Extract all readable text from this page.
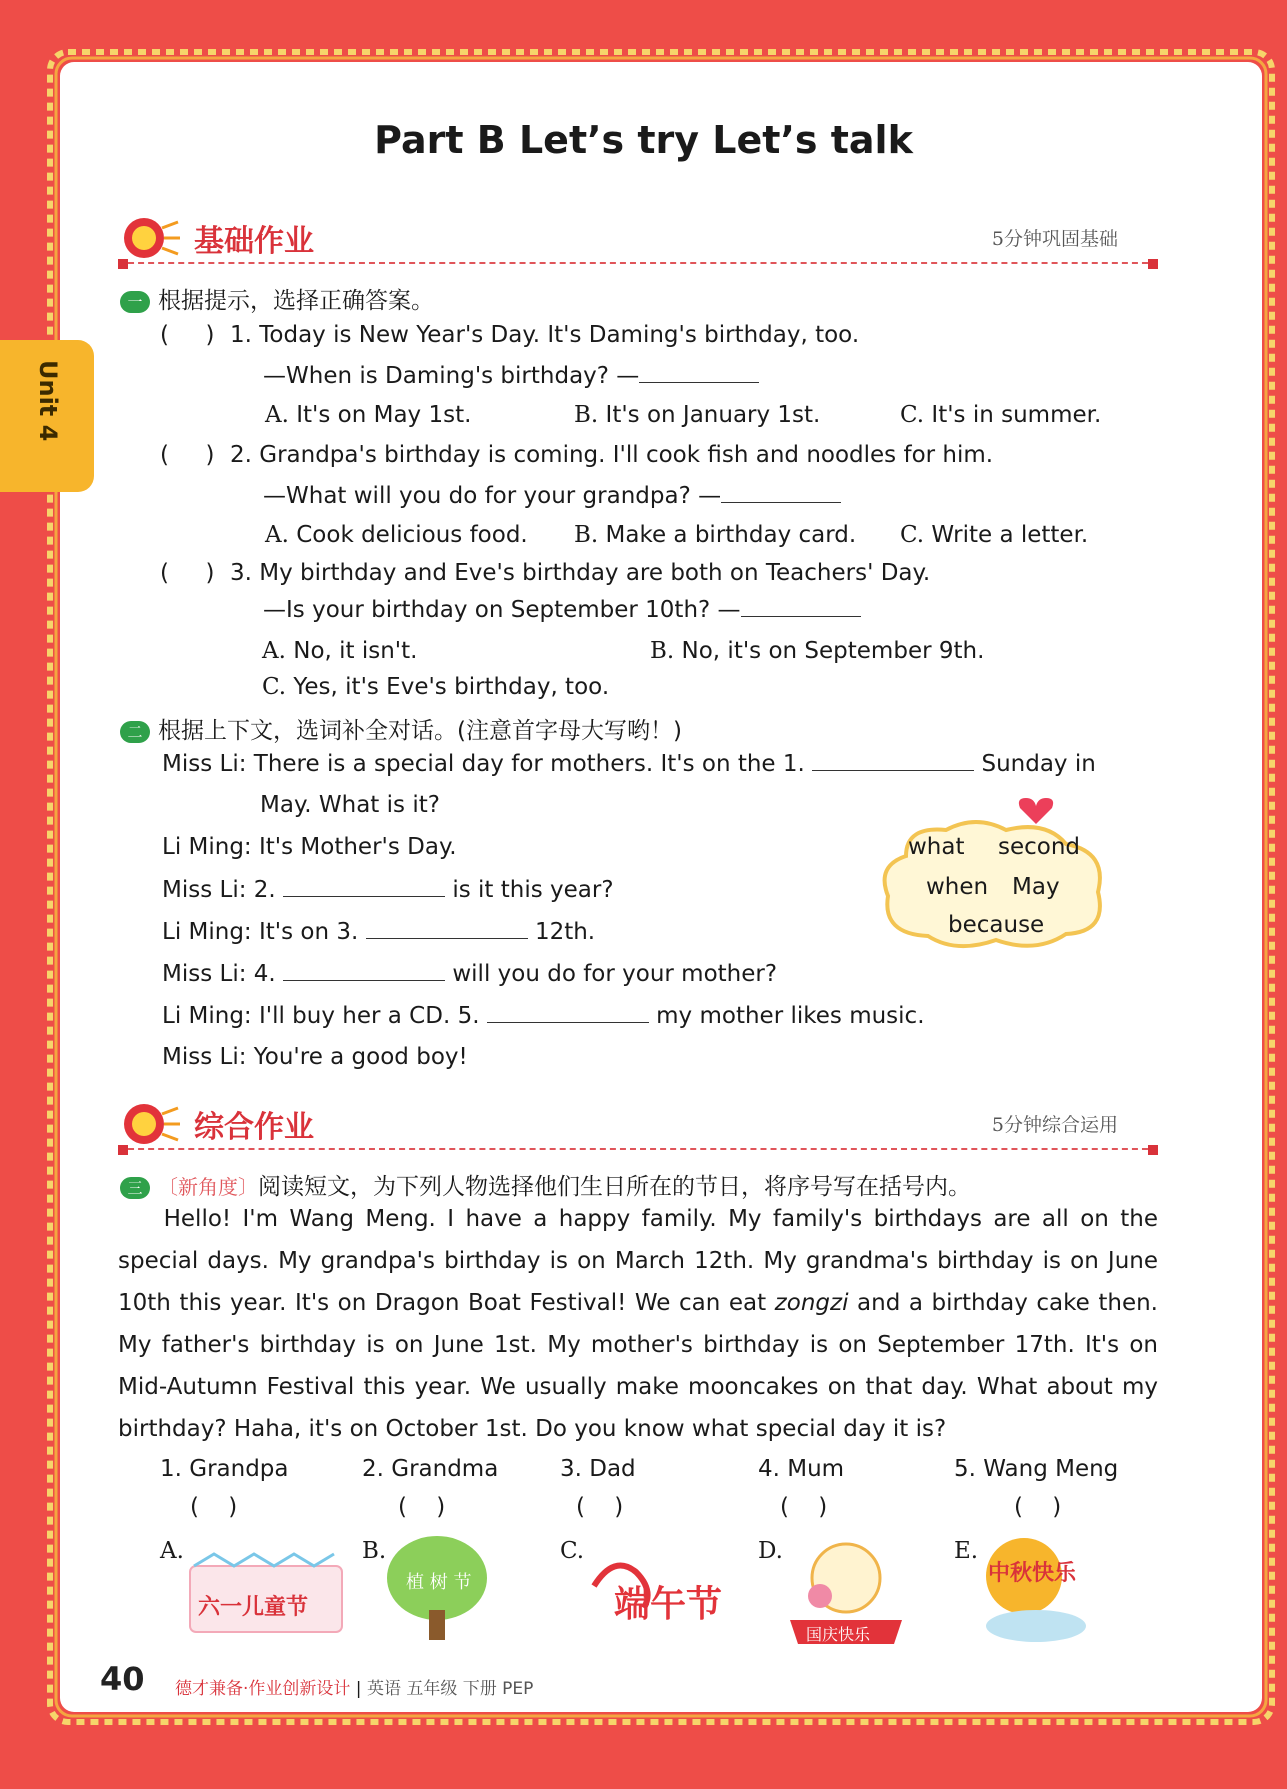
Unit 4
Part B Let’s try Let’s talk
基础作业	5分钟巩固基础
一 根据提示，选择正确答案。
(     ) 1. Today is New Year's Day. It's Daming's birthday, too.
—When is Daming's birthday? —
A. It's on May 1st.	B. It's on January 1st.	C. It's in summer.
(     ) 2. Grandpa's birthday is coming. I'll cook fish and noodles for him.
—What will you do for your grandpa? —
A. Cook delicious food. B. Make a birthday card. C. Write a letter.
(     ) 3. My birthday and Eve's birthday are both on Teachers' Day.
—Is your birthday on September 10th? —
A. No, it isn't.	B. No, it's on September 9th.
C. Yes, it's Eve's birthday, too.
二 根据上下文，选词补全对话。(注意首字母大写哟！)
Miss Li: There is a special day for mothers. It's on the 1.	Sunday in
May. What is it?
Li Ming: It's Mother's Day.
Miss Li: 2.	is it this year?
Li Ming: It's on 3.	12th.
Miss Li: 4.	will you do for your mother?
Li Ming: I'll buy her a CD. 5.	my mother likes music.
Miss Li: You're a good boy!
what second
when May
because
综合作业	5分钟综合运用
三 〔新角度〕阅读短文，为下列人物选择他们生日所在的节日，将序号写在括号内。
Hello! I'm Wang Meng. I have a happy family. My family's birthdays are all on the special days. My grandpa's birthday is on March 12th. My grandma's birthday is on June 10th this year. It's on Dragon Boat Festival! We can eat zongzi and a birthday cake then. My father's birthday is on June 1st. My mother's birthday is on September 17th. It's on Mid-Autumn Festival this year. We usually make mooncakes on that day. What about my birthday? Haha, it's on October 1st. Do you know what special day it is?
1. Grandpa	2. Grandma	3. Dad	4. Mum	5. Wang Meng
(    )	(    )	(    )	(    )	(    )
A.
六一儿童节
B.
植 树 节
C.
端午节
D.
国庆快乐
E.
中秋快乐
40 德才兼备·作业创新设计 | 英语 五年级 下册 PEP
